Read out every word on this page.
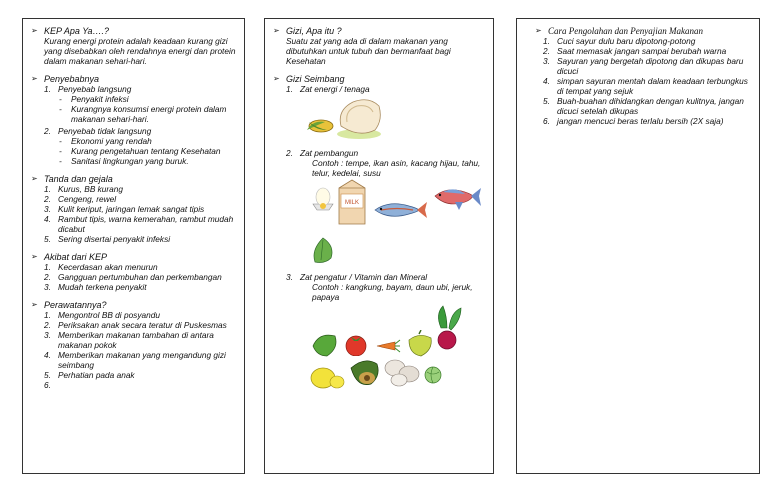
➢ KEP Apa Ya….?
Kurang energi protein adalah keadaan kurang gizi yang disebabkan oleh rendahnya energi dan protein dalam makanan sehari-hari.
➢ Penyebabnya
1. Penyebab langsung
-	Penyakit infeksi
-	Kurangnya konsumsi energi protein dalam makanan sehari-hari.
2. Penyebab tidak langsung
-	Ekonomi yang rendah
-	Kurang pengetahuan tentang Kesehatan
-	Sanitasi lingkungan yang buruk.
➢ Tanda dan gejala
1. Kurus, BB kurang
2. Cengeng, rewel
3. Kulit keriput, jaringan lemak sangat tipis
4. Rambut tipis, warna kemerahan, rambut mudah dicabut
5. Sering disertai penyakit infeksi
➢ Akibat dari KEP
1. Kecerdasan akan menurun
2. Gangguan pertumbuhan dan perkembangan
3. Mudah terkena penyakit
➢ Perawatannya?
1. Mengontrol BB di posyandu
2. Periksakan anak secara teratur di Puskesmas
3. Memberikan makanan tambahan di antara makanan pokok
4. Memberikan makanan yang mengandung gizi seimbang
5. Perhatian pada anak
6.
➢ Gizi, Apa itu ?
Suatu zat yang ada di dalam makanan yang dibutuhkan untuk tubuh dan bermanfaat bagi Kesehatan
➢ Gizi Seimbang
1. Zat energi / tenaga
2. Zat pembangun
Contoh : tempe, ikan asin, kacang hijau, tahu, telur, kedelai, susu
MILK
3. Zat pengatur / Vitamin dan Mineral
Contoh : kangkung, bayam, daun ubi, jeruk, papaya
➢ Cara Pengolahan dan Penyajian Makanan
1. Cuci sayur dulu baru dipotong-potong
2. Saat memasak jangan sampai berubah warna
3. Sayuran yang bergetah dipotong dan dikupas baru dicuci
4. simpan sayuran mentah dalam keadaan terbungkus di tempat yang sejuk
5. Buah-buahan dihidangkan dengan kulitnya, jangan dicuci setelah dikupas
6. jangan mencuci beras terlalu bersih (2X saja)
